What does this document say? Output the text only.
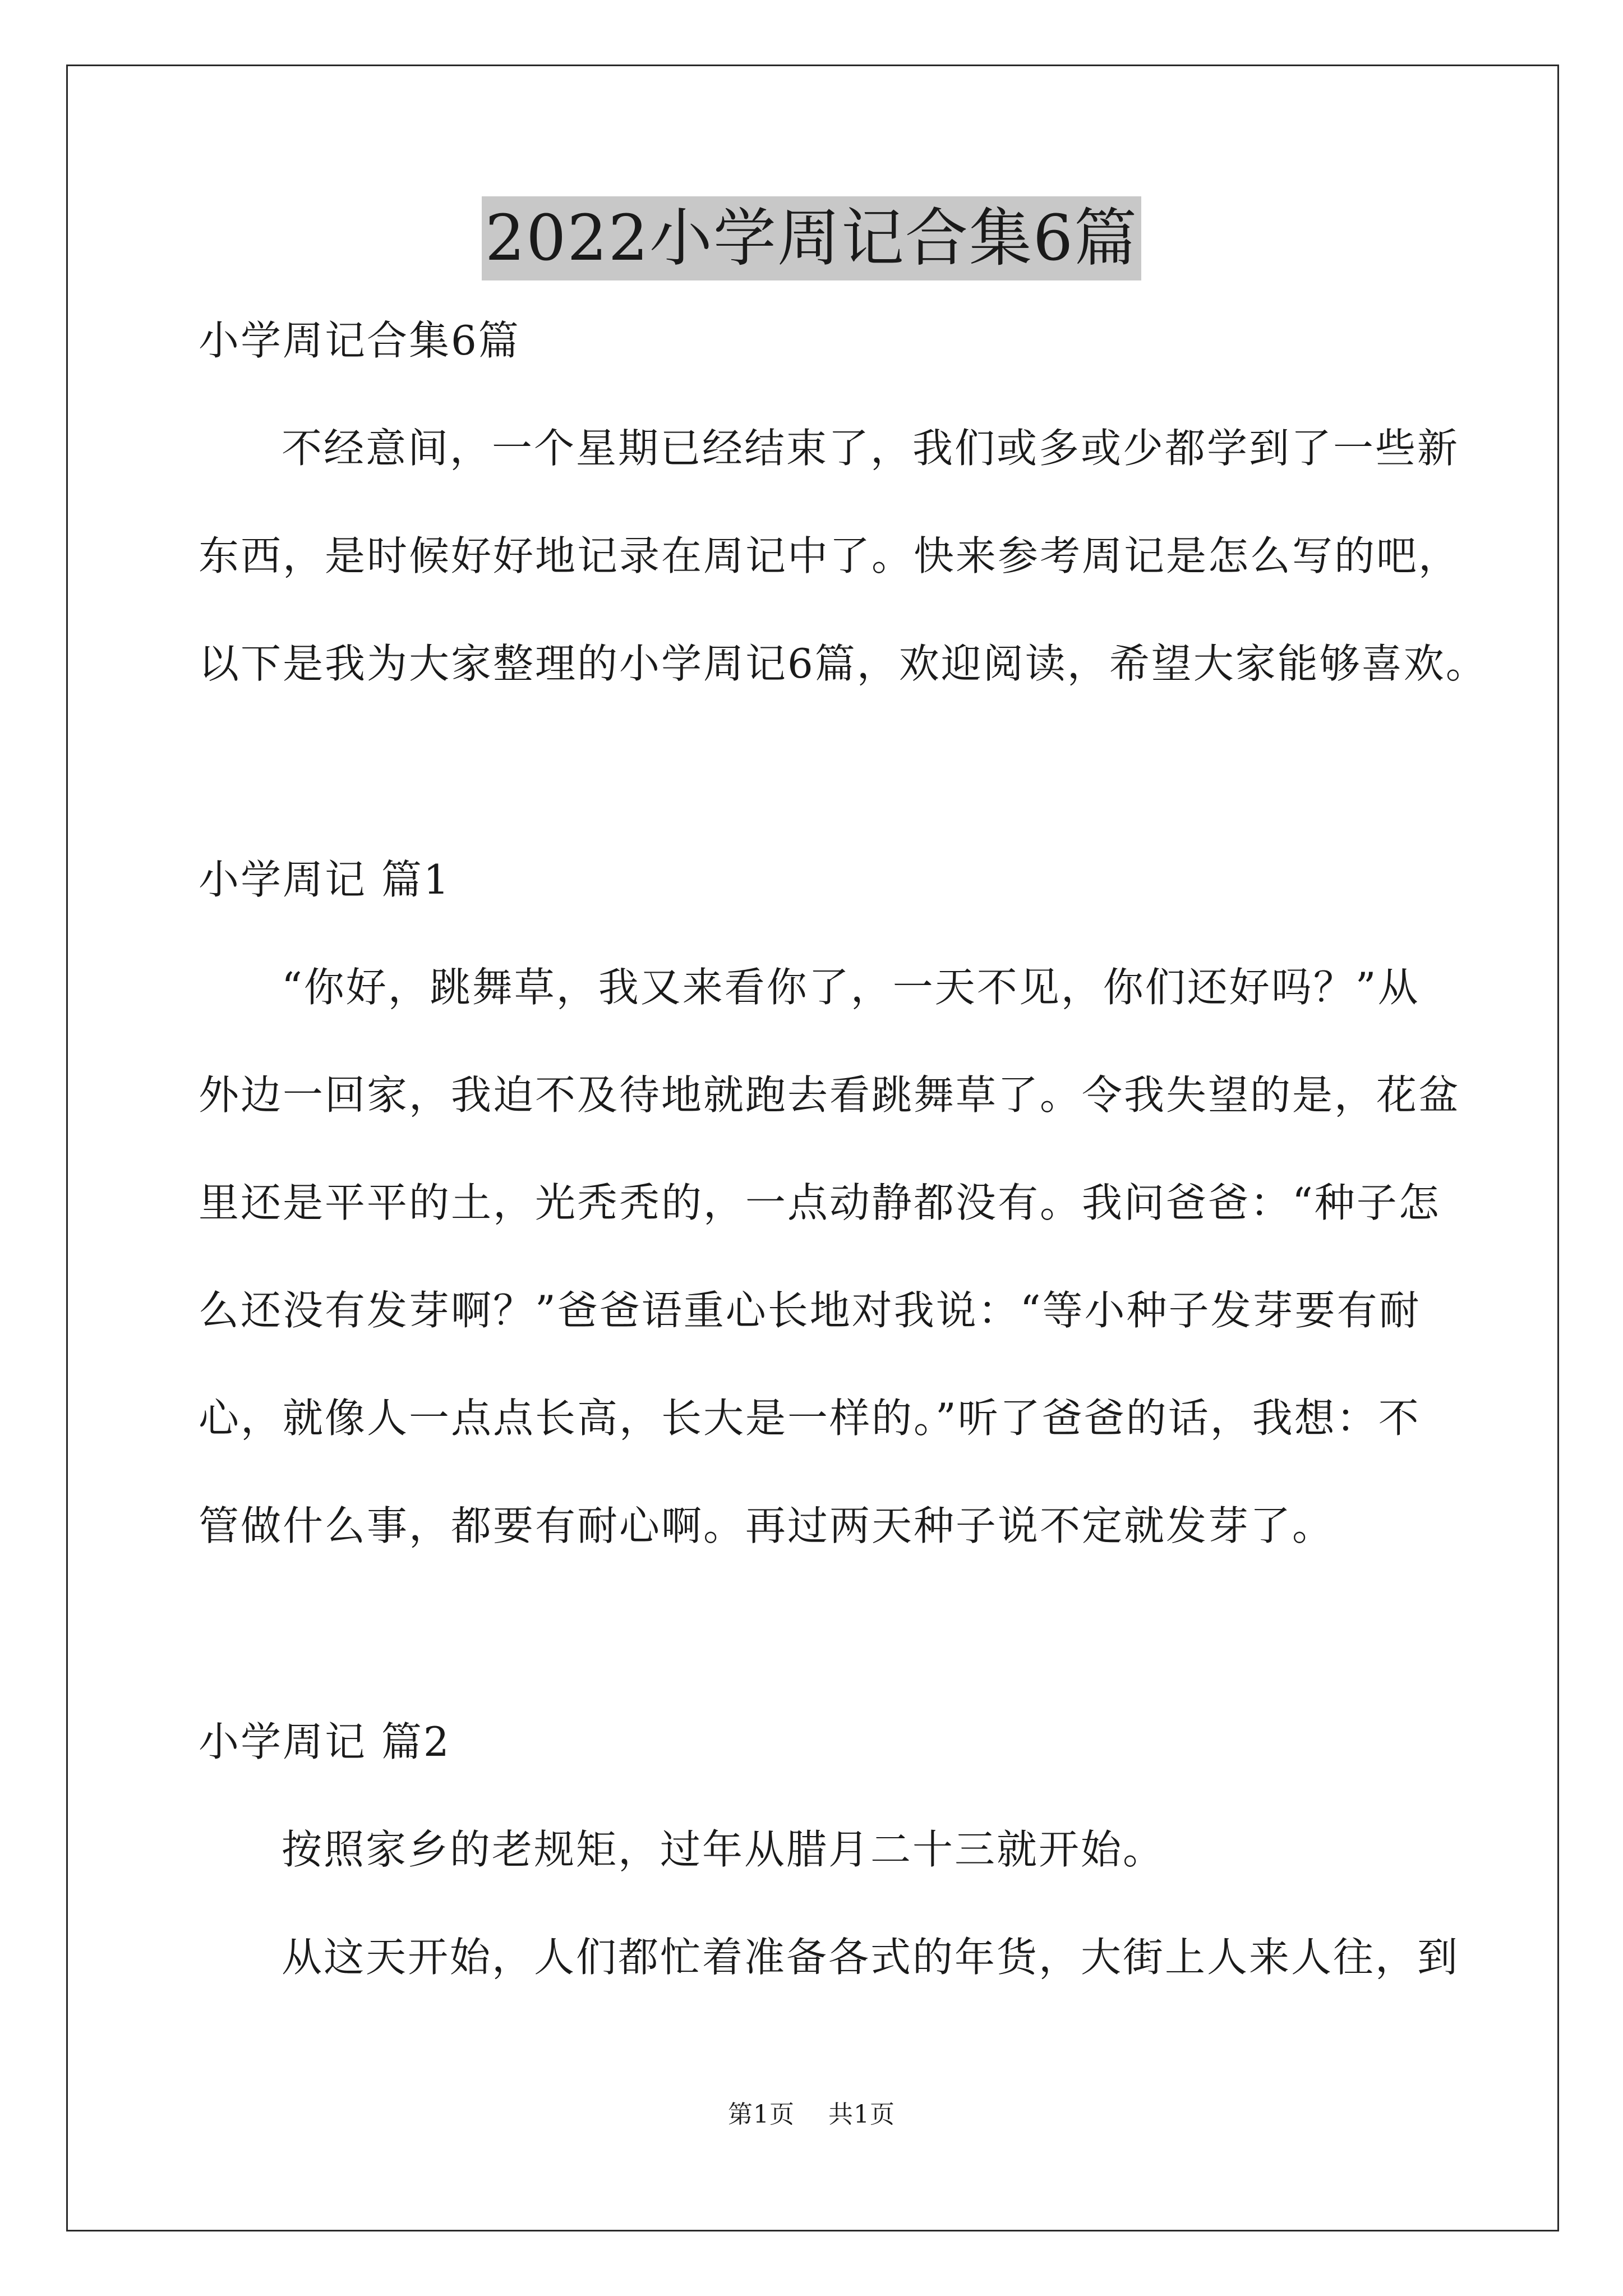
2022小学周记合集6篇
小学周记合集6篇
不经意间，一个星期已经结束了，我们或多或少都学到了一些新
东西，是时候好好地记录在周记中了。快来参考周记是怎么写的吧，
以下是我为大家整理的小学周记6篇，欢迎阅读，希望大家能够喜欢。
小学周记 篇1
“你好，跳舞草，我又来看你了，一天不见，你们还好吗？”从
外边一回家，我迫不及待地就跑去看跳舞草了。令我失望的是，花盆
里还是平平的土，光秃秃的，一点动静都没有。我问爸爸：“种子怎
么还没有发芽啊？”爸爸语重心长地对我说：“等小种子发芽要有耐
心，就像人一点点长高，长大是一样的。”听了爸爸的话，我想：不
管做什么事，都要有耐心啊。再过两天种子说不定就发芽了。
小学周记 篇2
按照家乡的老规矩，过年从腊月二十三就开始。
从这天开始，人们都忙着准备各式的年货，大街上人来人往，到
第1页 共1页
